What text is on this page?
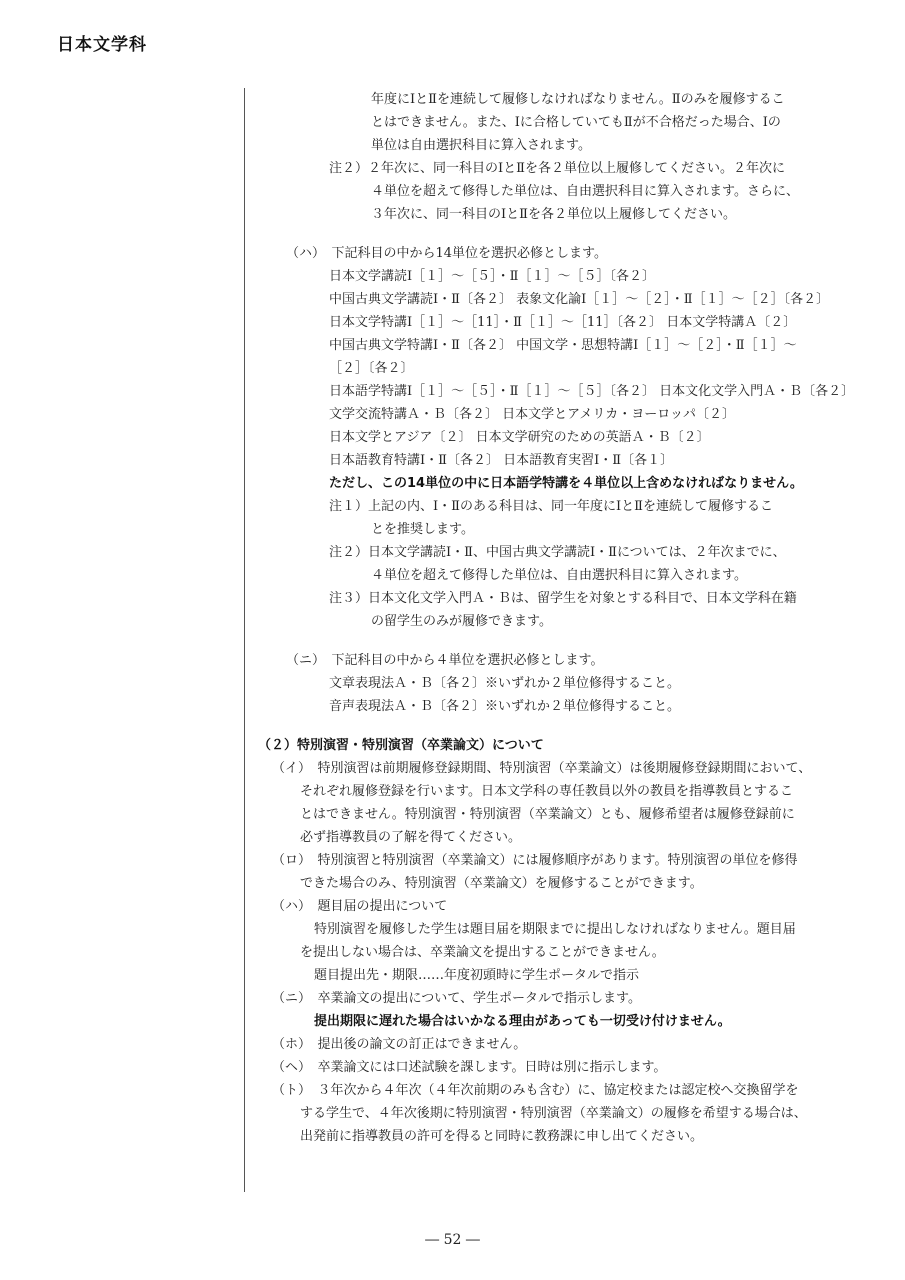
日本文学科
年度にⅠとⅡを連続して履修しなければなりません。Ⅱのみを履修するこ
とはできません。また、Ⅰに合格していてもⅡが不合格だった場合、Ⅰの
単位は自由選択科目に算入されます。
注２）２年次に、同一科目のⅠとⅡを各２単位以上履修してください。２年次に
４単位を超えて修得した単位は、自由選択科目に算入されます。さらに、
３年次に、同一科目のⅠとⅡを各２単位以上履修してください。
（ハ）　下記科目の中から14単位を選択必修とします。
日本文学講読Ⅰ［１］〜［５］・Ⅱ［１］〜［５］〔各２〕
中国古典文学講読Ⅰ・Ⅱ〔各２〕 表象文化論Ⅰ［１］〜［２］・Ⅱ［１］〜［２］〔各２〕
日本文学特講Ⅰ［１］〜［11］・Ⅱ［１］〜［11］〔各２〕 日本文学特講Ａ〔２〕
中国古典文学特講Ⅰ・Ⅱ〔各２〕 中国文学・思想特講Ⅰ［１］〜［２］・Ⅱ［１］〜
［２］〔各２〕
日本語学特講Ⅰ［１］〜［５］・Ⅱ［１］〜［５］〔各２〕 日本文化文学入門Ａ・Ｂ〔各２〕
文学交流特講Ａ・Ｂ〔各２〕 日本文学とアメリカ・ヨーロッパ〔２〕
日本文学とアジア〔２〕 日本文学研究のための英語Ａ・Ｂ〔２〕
日本語教育特講Ⅰ・Ⅱ〔各２〕 日本語教育実習Ⅰ・Ⅱ〔各１〕
ただし、この14単位の中に日本語学特講を４単位以上含めなければなりません。
注１）上記の内、Ⅰ・Ⅱのある科目は、同一年度にⅠとⅡを連続して履修するこ
とを推奨します。
注２）日本文学講読Ⅰ・Ⅱ、中国古典文学講読Ⅰ・Ⅱについては、２年次までに、
４単位を超えて修得した単位は、自由選択科目に算入されます。
注３）日本文化文学入門Ａ・Ｂは、留学生を対象とする科目で、日本文学科在籍
の留学生のみが履修できます。
（ニ）　下記科目の中から４単位を選択必修とします。
文章表現法Ａ・Ｂ〔各２〕※いずれか２単位修得すること。
音声表現法Ａ・Ｂ〔各２〕※いずれか２単位修得すること。
（２）特別演習・特別演習（卒業論文）について
（イ）　特別演習は前期履修登録期間、特別演習（卒業論文）は後期履修登録期間において、
それぞれ履修登録を行います。日本文学科の専任教員以外の教員を指導教員とするこ
とはできません。特別演習・特別演習（卒業論文）とも、履修希望者は履修登録前に
必ず指導教員の了解を得てください。
（ロ）　特別演習と特別演習（卒業論文）には履修順序があります。特別演習の単位を修得
できた場合のみ、特別演習（卒業論文）を履修することができます。
（ハ）　題目届の提出について
特別演習を履修した学生は題目届を期限までに提出しなければなりません。題目届
を提出しない場合は、卒業論文を提出することができません。
題目提出先・期限……年度初頭時に学生ポータルで指示
（ニ）　卒業論文の提出について、学生ポータルで指示します。
提出期限に遅れた場合はいかなる理由があっても一切受け付けません。
（ホ）　提出後の論文の訂正はできません。
（ヘ）　卒業論文には口述試験を課します。日時は別に指示します。
（ト）　３年次から４年次（４年次前期のみも含む）に、協定校または認定校へ交換留学を
する学生で、４年次後期に特別演習・特別演習（卒業論文）の履修を希望する場合は、
出発前に指導教員の許可を得ると同時に教務課に申し出てください。
― 52 ―
